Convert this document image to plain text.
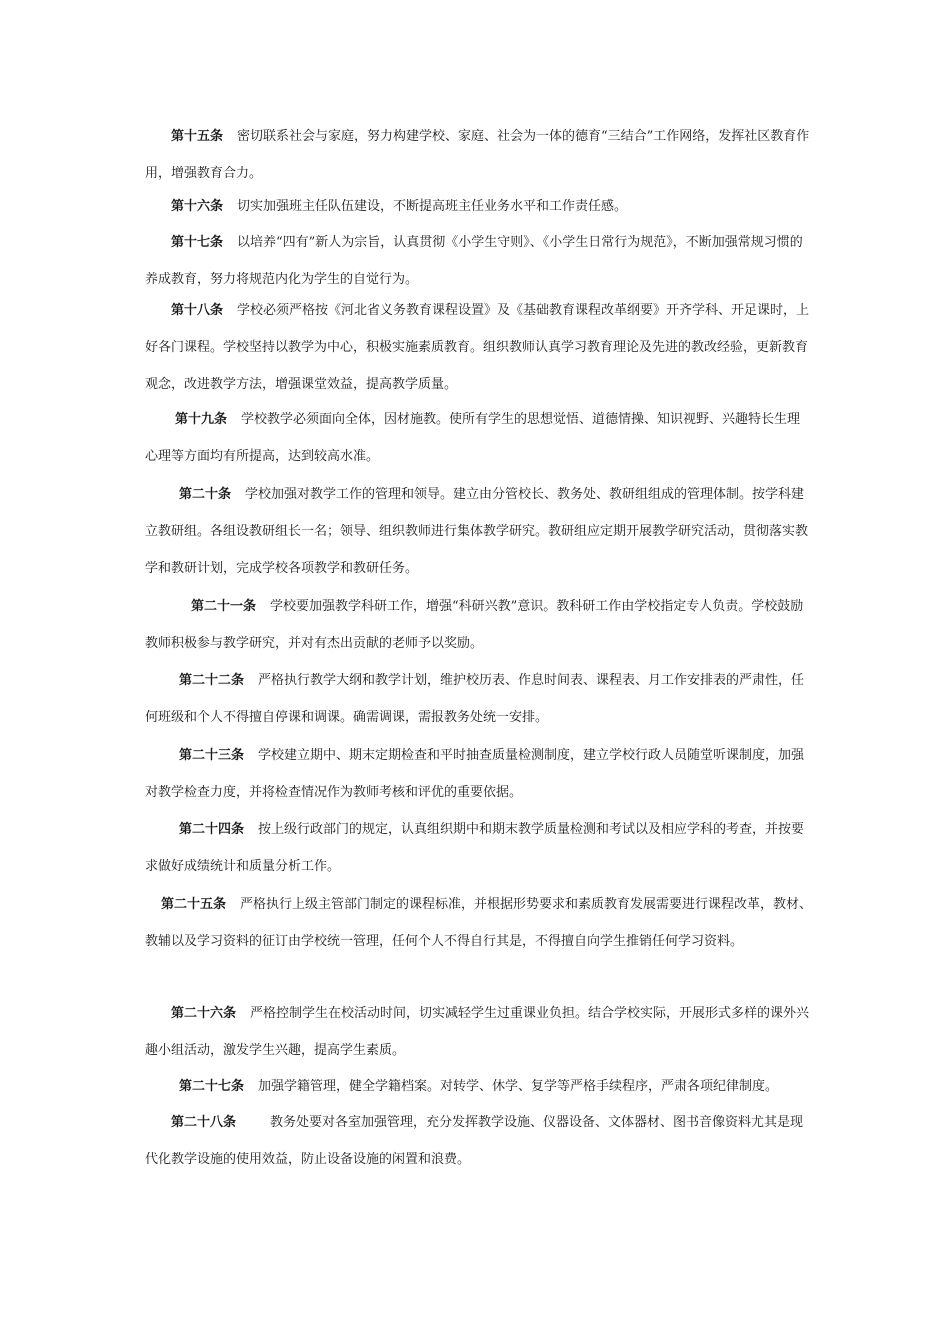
第十五条 密切联系社会与家庭，努力构建学校、家庭、社会为一体的德育“三结合”工作网络，发挥社区教育作用，增强教育合力。

第十六条 切实加强班主任队伍建设，不断提高班主任业务水平和工作责任感。

第十七条 以培养“四有”新人为宗旨，认真贯彻《小学生守则》、《小学生日常行为规范》，不断加强常规习惯的养成教育，努力将规范内化为学生的自觉行为。

第十八条 学校必须严格按《河北省义务教育课程设置》及《基础教育课程改革纲要》开齐学科、开足课时，上好各门课程。学校坚持以教学为中心，积极实施素质教育。组织教师认真学习教育理论及先进的教改经验，更新教育观念，改进教学方法，增强课堂效益，提高教学质量。

第十九条 学校教学必须面向全体，因材施教。使所有学生的思想觉悟、道德情操、知识视野、兴趣特长生理心理等方面均有所提高，达到较高水准。

第二十条 学校加强对教学工作的管理和领导。建立由分管校长、教务处、教研组组成的管理体制。按学科建立教研组。各组设教研组长一名；领导、组织教师进行集体教学研究。教研组应定期开展教学研究活动，贯彻落实教学和教研计划，完成学校各项教学和教研任务。

第二十一条 学校要加强教学科研工作，增强“科研兴教”意识。教科研工作由学校指定专人负责。学校鼓励教师积极参与教学研究，并对有杰出贡献的老师予以奖励。

第二十二条 严格执行教学大纲和教学计划，维护校历表、作息时间表、课程表、月工作安排表的严肃性，任何班级和个人不得擅自停课和调课。确需调课，需报教务处统一安排。

第二十三条 学校建立期中、期末定期检查和平时抽查质量检测制度，建立学校行政人员随堂听课制度，加强对教学检查力度，并将检查情况作为教师考核和评优的重要依据。

第二十四条 按上级行政部门的规定，认真组织期中和期末教学质量检测和考试以及相应学科的考查，并按要求做好成绩统计和质量分析工作。

第二十五条 严格执行上级主管部门制定的课程标准，并根据形势要求和素质教育发展需要进行课程改革，教材、教辅以及学习资料的征订由学校统一管理，任何个人不得自行其是，不得擅自向学生推销任何学习资料。

第二十六条 严格控制学生在校活动时间，切实减轻学生过重课业负担。结合学校实际，开展形式多样的课外兴趣小组活动，激发学生兴趣，提高学生素质。

第二十七条 加强学籍管理，健全学籍档案。对转学、休学、复学等严格手续程序，严肃各项纪律制度。

第二十八条	教务处要对各室加强管理，充分发挥教学设施、仪器设备、文体器材、图书音像资料尤其是现代化教学设施的使用效益，防止设备设施的闲置和浪费。
